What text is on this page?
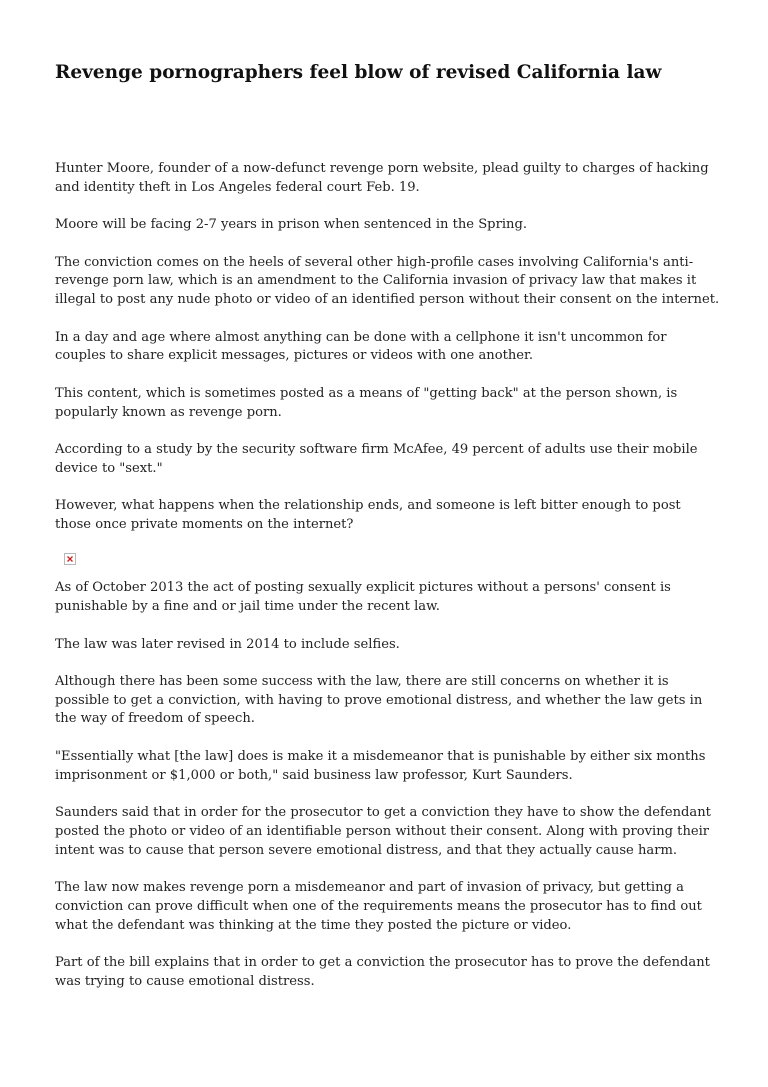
Revenge pornographers feel blow of revised California law

Hunter Moore, founder of a now-defunct revenge porn website, plead guilty to charges of hacking and identity theft in Los Angeles federal court Feb. 19.

Moore will be facing 2-7 years in prison when sentenced in the Spring.

The conviction comes on the heels of several other high-profile cases involving California's anti-revenge porn law, which is an amendment to the California invasion of privacy law that makes it illegal to post any nude photo or video of an identified person without their consent on the internet.

In a day and age where almost anything can be done with a cellphone it isn't uncommon for couples to share explicit messages, pictures or videos with one another.

This content, which is sometimes posted as a means of "getting back" at the person shown, is popularly known as revenge porn.

According to a study by the security software firm McAfee, 49 percent of adults use their mobile device to "sext."

However, what happens when the relationship ends, and someone is left bitter enough to post those once private moments on the internet?

As of October 2013 the act of posting sexually explicit pictures without a persons' consent is punishable by a fine and or jail time under the recent law.

The law was later revised in 2014 to include selfies.

Although there has been some success with the law, there are still concerns on whether it is possible to get a conviction, with having to prove emotional distress, and whether the law gets in the way of freedom of speech.

"Essentially what [the law] does is make it a misdemeanor that is punishable by either six months imprisonment or $1,000 or both," said business law professor, Kurt Saunders.

Saunders said that in order for the prosecutor to get a conviction they have to show the defendant posted the photo or video of an identifiable person without their consent. Along with proving their intent was to cause that person severe emotional distress, and that they actually cause harm.

The law now makes revenge porn a misdemeanor and part of invasion of privacy, but getting a conviction can prove difficult when one of the requirements means the prosecutor has to find out what the defendant was thinking at the time they posted the picture or video.

Part of the bill explains that in order to get a conviction the prosecutor has to prove the defendant was trying to cause emotional distress.
